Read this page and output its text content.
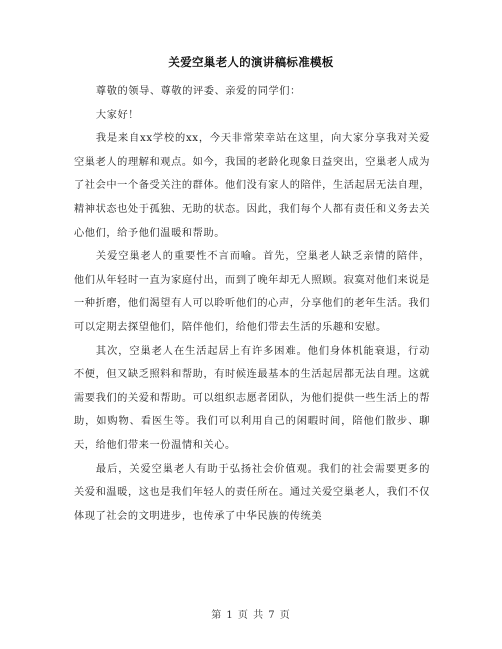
关爱空巢老人的演讲稿标准模板

尊敬的领导、尊敬的评委、亲爱的同学们：

大家好！

我是来自xx学校的xx，今天非常荣幸站在这里，向大家分享我对关爱空巢老人的理解和观点。如今，我国的老龄化现象日益突出，空巢老人成为了社会中一个备受关注的群体。他们没有家人的陪伴，生活起居无法自理，精神状态也处于孤独、无助的状态。因此，我们每个人都有责任和义务去关心他们，给予他们温暖和帮助。

关爱空巢老人的重要性不言而喻。首先，空巢老人缺乏亲情的陪伴，他们从年轻时一直为家庭付出，而到了晚年却无人照顾。寂寞对他们来说是一种折磨，他们渴望有人可以聆听他们的心声，分享他们的老年生活。我们可以定期去探望他们，陪伴他们，给他们带去生活的乐趣和安慰。

其次，空巢老人在生活起居上有许多困难。他们身体机能衰退，行动不便，但又缺乏照料和帮助，有时候连最基本的生活起居都无法自理。这就需要我们的关爱和帮助。可以组织志愿者团队，为他们提供一些生活上的帮助，如购物、看医生等。我们可以利用自己的闲暇时间，陪他们散步、聊天，给他们带来一份温情和关心。

最后，关爱空巢老人有助于弘扬社会价值观。我们的社会需要更多的关爱和温暖，这也是我们年轻人的责任所在。通过关爱空巢老人，我们不仅体现了社会的文明进步，也传承了中华民族的传统美

第 1 页 共 7 页
